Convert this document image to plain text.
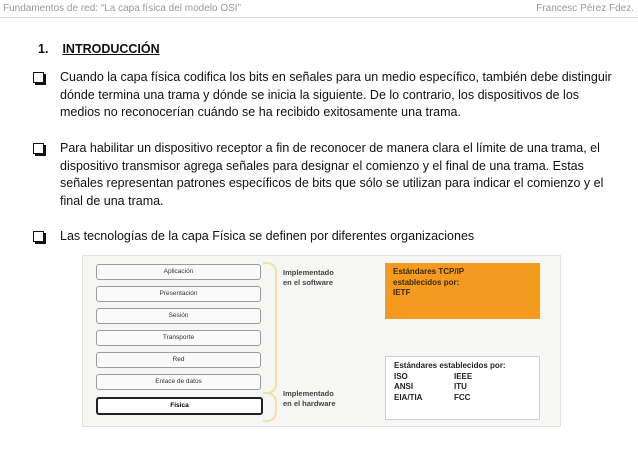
Fundamentos de red: “La capa física del modelo OSI”	Francesc Pérez Fdez.
1. INTRODUCCIÓN
Cuando la capa física codifica los bits en señales para un medio específico, también debe distinguir dónde termina una trama y dónde se inicia la siguiente. De lo contrario, los dispositivos de los medios no reconocerían cuándo se ha recibido exitosamente una trama.
Para habilitar un dispositivo receptor a fin de reconocer de manera clara el límite de una trama, el dispositivo transmisor agrega señales para designar el comienzo y el final de una trama. Estas señales representan patrones específicos de bits que sólo se utilizan para indicar el comienzo y el final de una trama.
Las tecnologías de la capa Física se definen por diferentes organizaciones
Aplicación
Presentación
Sesión
Transporte
Red
Enlace de datos
Física
Implementado
en el software
Implementado
en el hardware
Estándares TCP/IP
establecidos por:
IETF
Estándares establecidos por:
ISO	IEEE
ANSI	ITU
EIA/TIA	FCC
